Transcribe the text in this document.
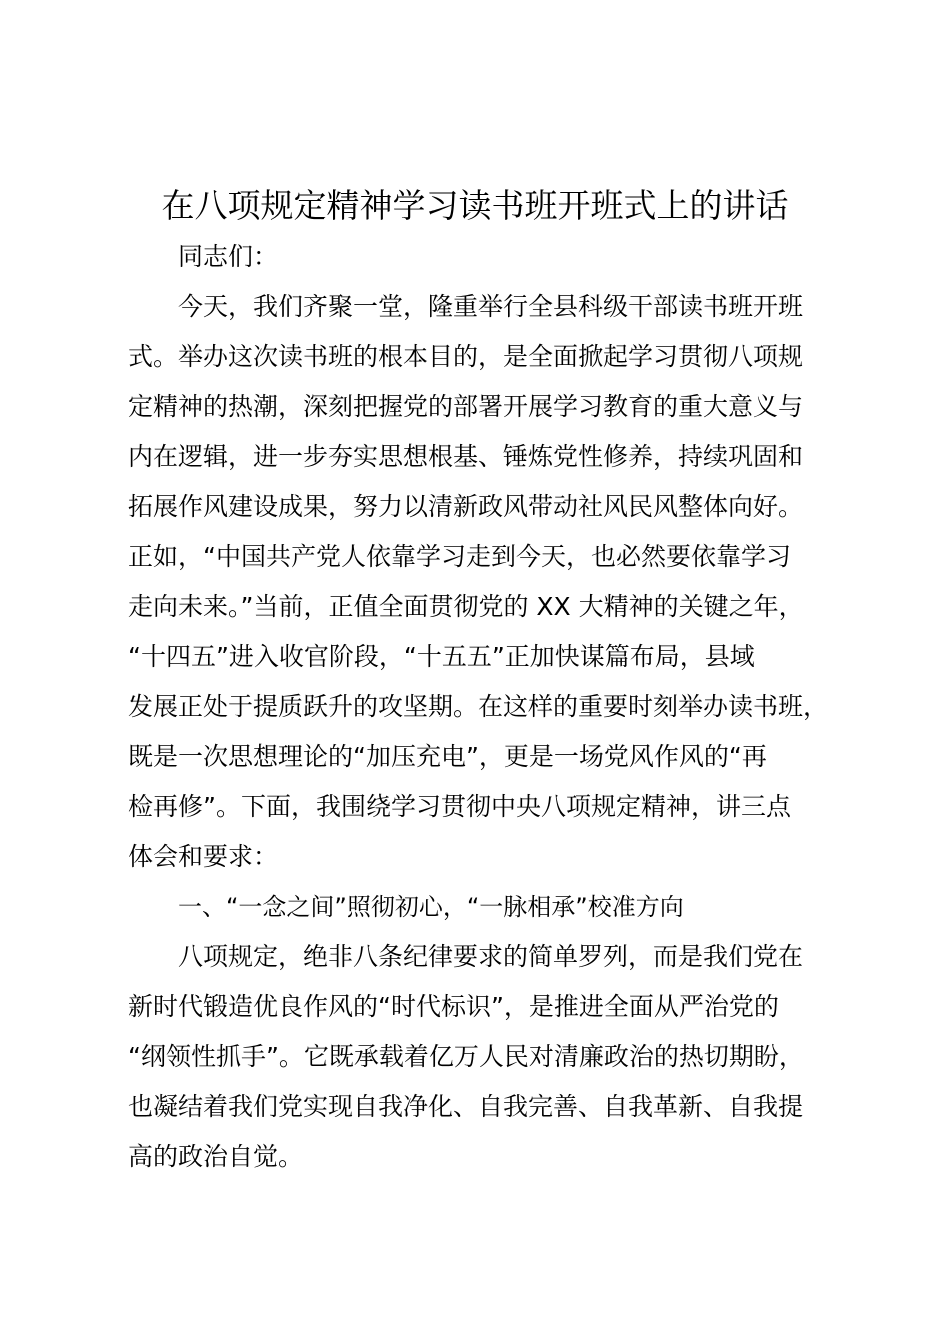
在八项规定精神学习读书班开班式上的讲话
同志们：
今天，我们齐聚一堂，隆重举行全县科级干部读书班开班
式。举办这次读书班的根本目的，是全面掀起学习贯彻八项规
定精神的热潮，深刻把握党的部署开展学习教育的重大意义与
内在逻辑，进一步夯实思想根基、锤炼党性修养，持续巩固和
拓展作风建设成果，努力以清新政风带动社风民风整体向好。
正如，“中国共产党人依靠学习走到今天，也必然要依靠学习
走向未来。”当前，正值全面贯彻党的 XX 大精神的关键之年，
“十四五”进入收官阶段，“十五五”正加快谋篇布局，县域
发展正处于提质跃升的攻坚期。在这样的重要时刻举办读书班，
既是一次思想理论的“加压充电”，更是一场党风作风的“再
检再修”。下面，我围绕学习贯彻中央八项规定精神，讲三点
体会和要求：
一、“一念之间”照彻初心，“一脉相承”校准方向
八项规定，绝非八条纪律要求的简单罗列，而是我们党在
新时代锻造优良作风的“时代标识”，是推进全面从严治党的
“纲领性抓手”。它既承载着亿万人民对清廉政治的热切期盼，
也凝结着我们党实现自我净化、自我完善、自我革新、自我提
高的政治自觉。
